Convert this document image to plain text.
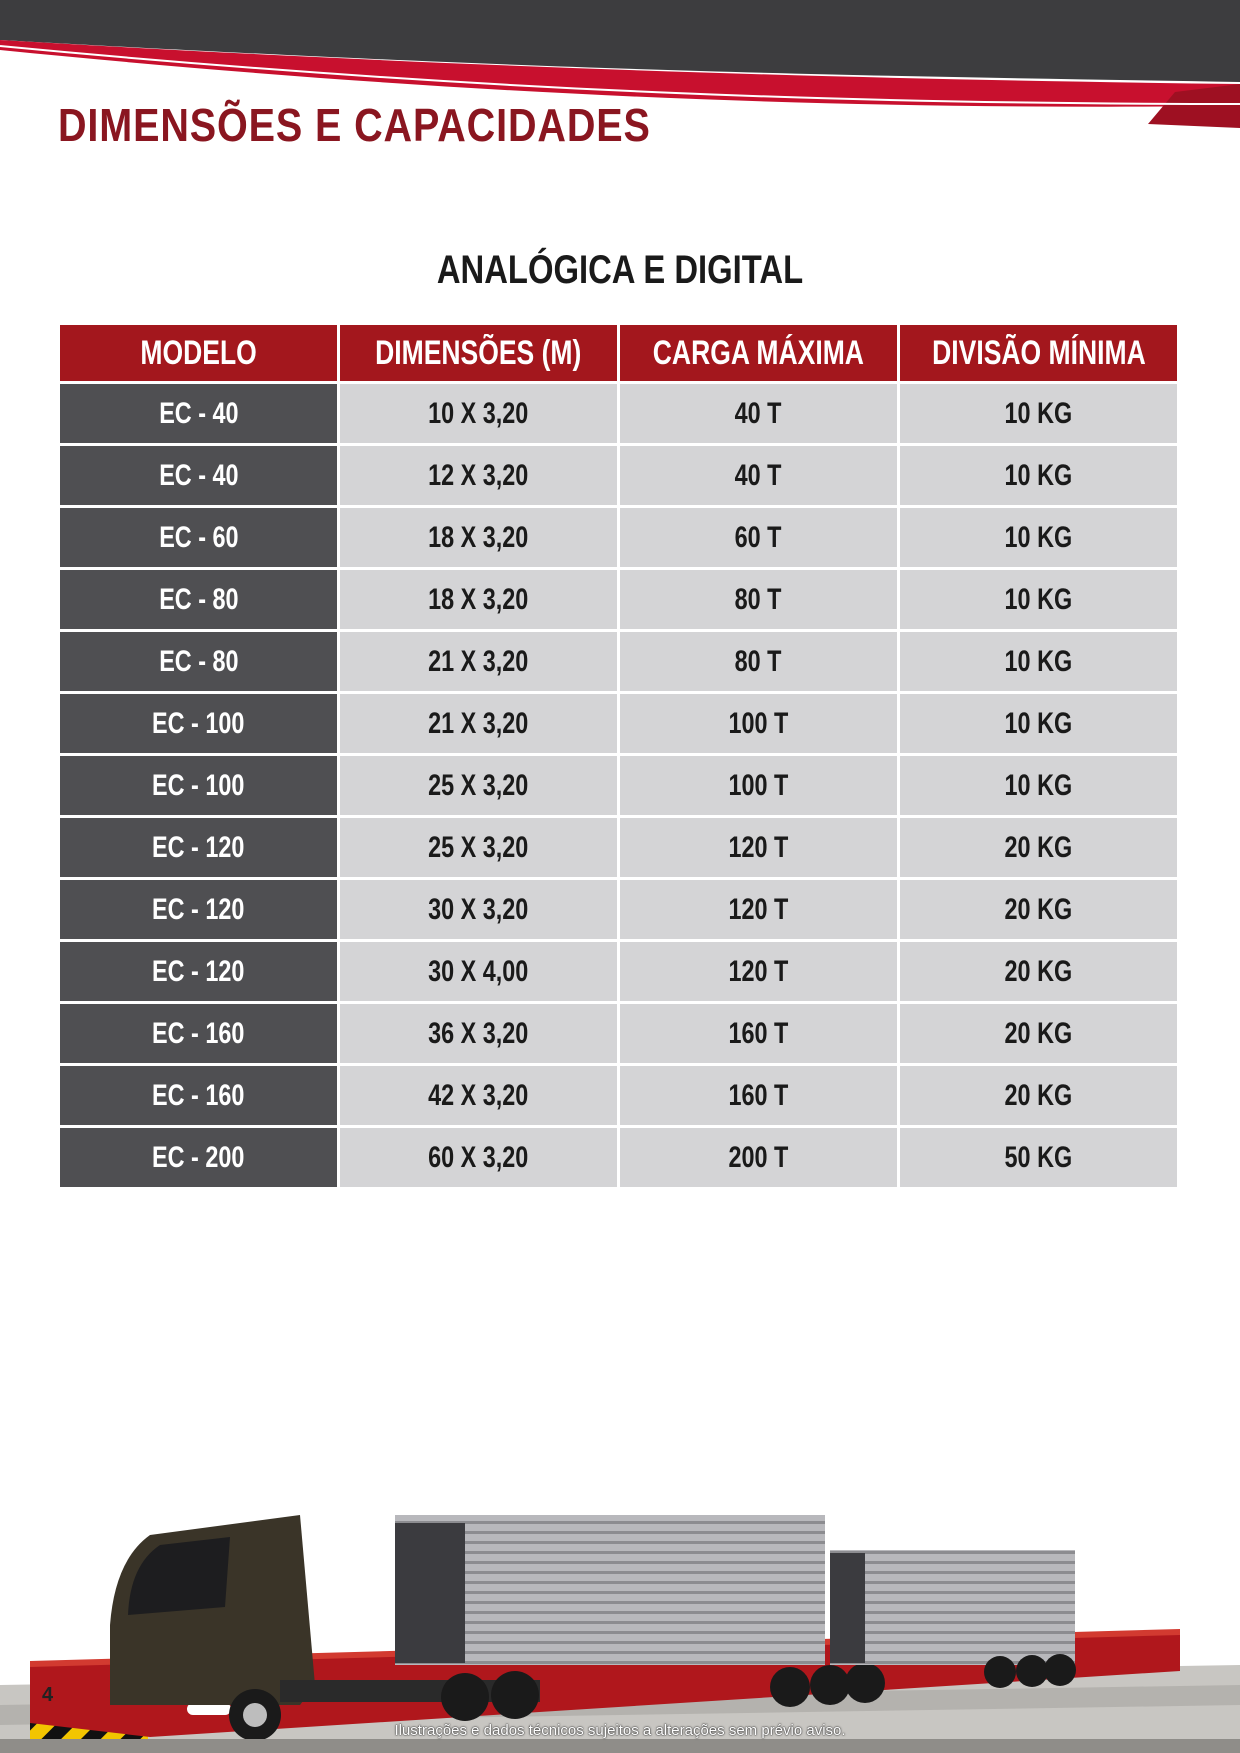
DIMENSÕES E CAPACIDADES
ANALÓGICA E DIGITAL
MODELO	DIMENSÕES (M)	CARGA MÁXIMA	DIVISÃO MÍNIMA
EC - 40	10 X 3,20	40 T	10 KG
EC - 40	12 X 3,20	40 T	10 KG
EC - 60	18 X 3,20	60 T	10 KG
EC - 80	18 X 3,20	80 T	10 KG
EC - 80	21 X 3,20	80 T	10 KG
EC - 100	21 X 3,20	100 T	10 KG
EC - 100	25 X 3,20	100 T	10 KG
EC - 120	25 X 3,20	120 T	20 KG
EC - 120	30 X 3,20	120 T	20 KG
EC - 120	30 X 4,00	120 T	20 KG
EC - 160	36 X 3,20	160 T	20 KG
EC - 160	42 X 3,20	160 T	20 KG
EC - 200	60 X 3,20	200 T	50 KG
4
Ilustrações e dados técnicos sujeitos a alterações sem prévio aviso.
